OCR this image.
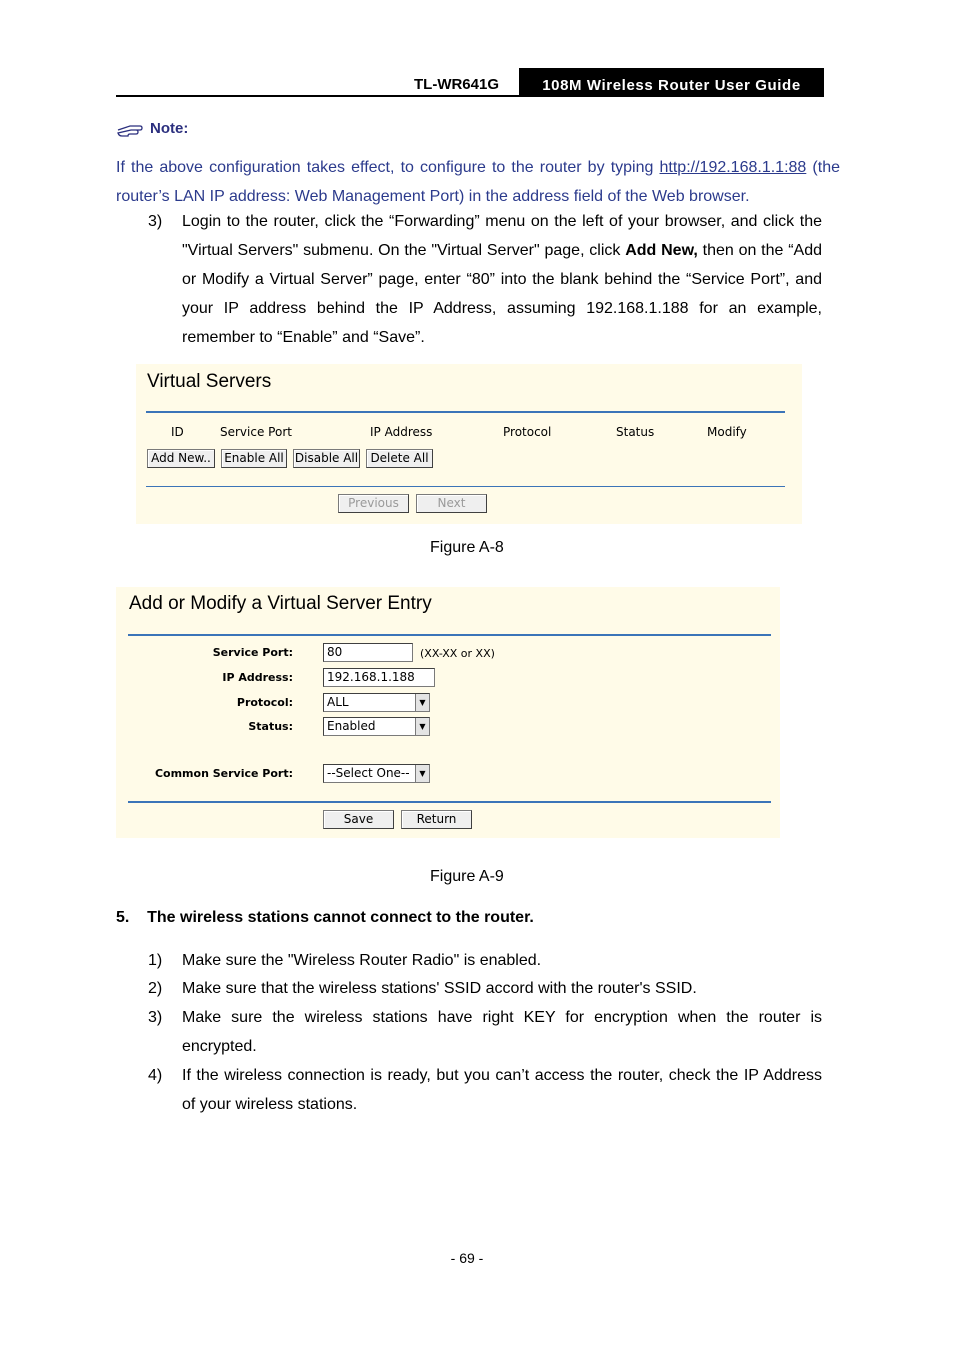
TL-WR641G	108M Wireless Router User Guide
Note:
If the above configuration takes effect, to configure to the router by typing http://192.168.1.1:88 (the router’s LAN IP address: Web Management Port) in the address field of the Web browser.
3) Login to the router, click the “Forwarding” menu on the left of your browser, and click the "Virtual Servers" submenu. On the "Virtual Server" page, click Add New, then on the “Add or Modify a Virtual Server” page, enter “80” into the blank behind the “Service Port”, and your IP address behind the IP Address, assuming 192.168.1.188 for an example, remember to “Enable” and “Save”.
Virtual Servers
ID	Service Port	IP Address	Protocol	Status	Modify
Add New..	Enable All Disable All	Delete All
Previous	Next
Figure A-8
Add or Modify a Virtual Server Entry
Service Port:	80	(XX-XX or XX)
IP Address:	192.168.1.188
Protocol:	ALL	▼
Status:	Enabled	▼
Common Service Port:	--Select One--	▼
Save	Return
Figure A-9
5.    The wireless stations cannot connect to the router.
1) Make sure the "Wireless Router Radio" is enabled.
2) Make sure that the wireless stations' SSID accord with the router's SSID.
3) Make sure the wireless stations have right KEY for encryption when the router is encrypted.
4) If the wireless connection is ready, but you can’t access the router, check the IP Address of your wireless stations.
- 69 -
